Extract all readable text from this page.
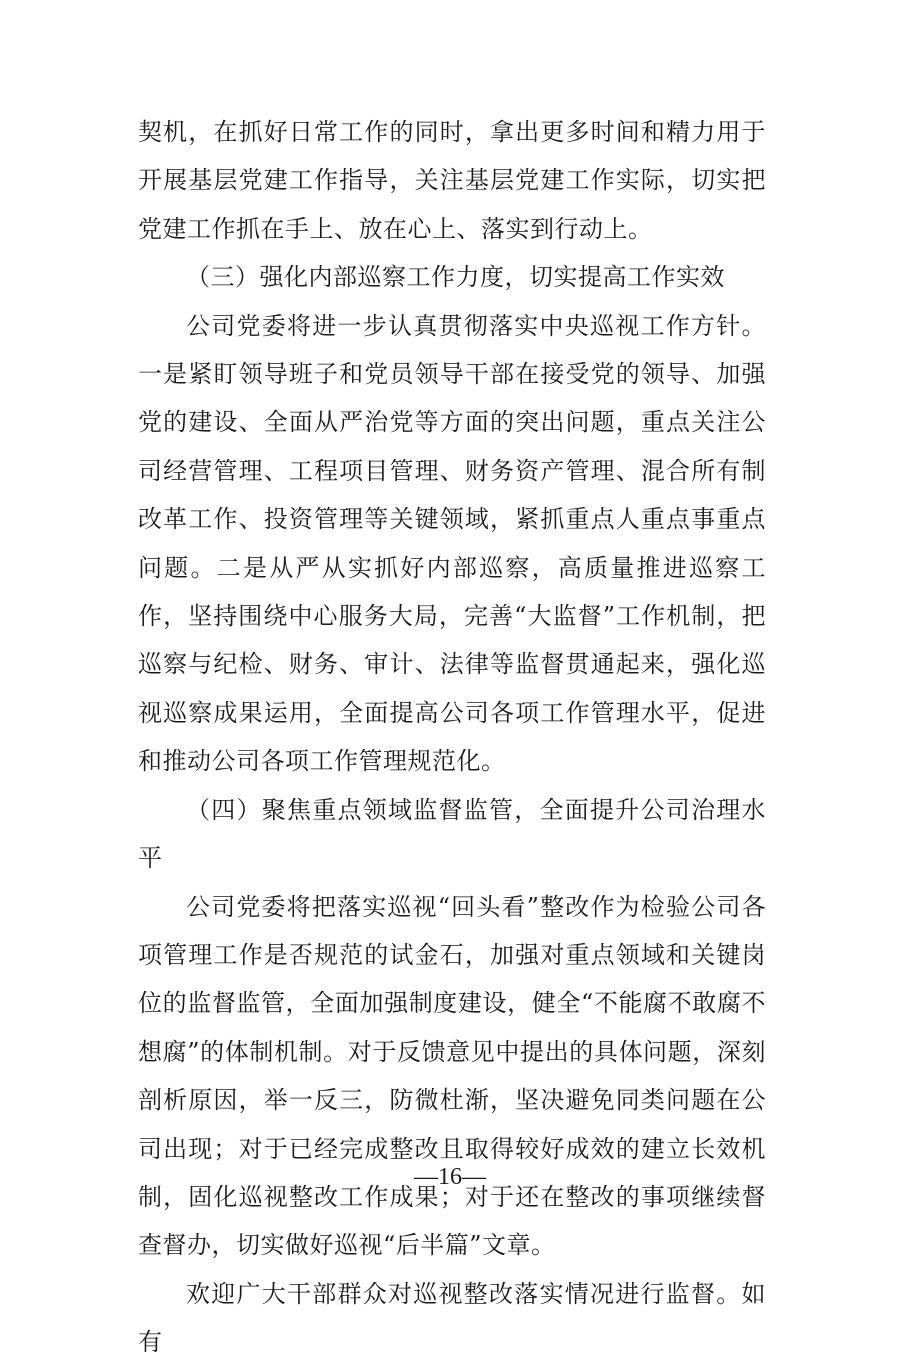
契机，在抓好日常工作的同时，拿出更多时间和精力用于开展基层党建工作指导，关注基层党建工作实际，切实把党建工作抓在手上、放在心上、落实到行动上。

（三）强化内部巡察工作力度，切实提高工作实效

公司党委将进一步认真贯彻落实中央巡视工作方针。一是紧盯领导班子和党员领导干部在接受党的领导、加强党的建设、全面从严治党等方面的突出问题，重点关注公司经营管理、工程项目管理、财务资产管理、混合所有制改革工作、投资管理等关键领域，紧抓重点人重点事重点问题。二是从严从实抓好内部巡察，高质量推进巡察工作，坚持围绕中心服务大局，完善“大监督”工作机制，把巡察与纪检、财务、审计、法律等监督贯通起来，强化巡视巡察成果运用，全面提高公司各项工作管理水平，促进和推动公司各项工作管理规范化。

（四）聚焦重点领域监督监管，全面提升公司治理水平

公司党委将把落实巡视“回头看”整改作为检验公司各项管理工作是否规范的试金石，加强对重点领域和关键岗位的监督监管，全面加强制度建设，健全“不能腐不敢腐不想腐”的体制机制。对于反馈意见中提出的具体问题，深刻剖析原因，举一反三，防微杜渐，坚决避免同类问题在公司出现；对于已经完成整改且取得较好成效的建立长效机制，固化巡视整改工作成果；对于还在整改的事项继续督查督办，切实做好巡视“后半篇”文章。

欢迎广大干部群众对巡视整改落实情况进行监督。如有

—16—
